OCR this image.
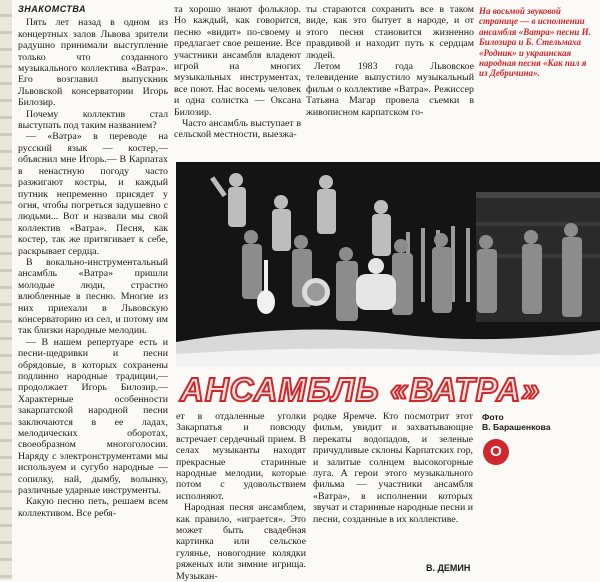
ЗНАКОМСТВА

Пять лет назад в одном из концертных залов Львова зрители радушно принимали выступление только что созданного музыкального коллектива «Ватра». Его возглавил выпускник Львовской консерватории Игорь Билозир.

Почему коллектив стал выступать под таким названием?

— «Ватра» в переводе на русский язык — костер,— объяснил мне Игорь.— В Карпатах в ненастную погоду часто разжигают костры, и каждый путник непременно присядет у огня, чтобы погреться задушевно с людьми... Вот и назвали мы свой коллектив «Ватра». Песня, как костер, так же притягивает к себе, раскрывает сердца.

В вокально-инструментальный ансамбль «Ватра» пришли молодые люди, страстно влюбленные в песню. Многие из них приехали в Львовскую консерваторию из сел, и потому им так близки народные мелодии.

— В нашем репертуаре есть и песни-щедривки и песни обрядовые, в которых сохранены подлинно народные традиции,— продолжает Игорь Билозир.— Характерные особенности закарпатской народной песни заключаются в ее ладах, мелодических оборотах, своеобразном многоголосии. Наряду с электронструментами мы используем и сугубо народные — сопилку, най, дымбу, волынку, различные ударные инструменты.

Какую песню петь, решаем всем коллективом. Все ребя-

та хорошо знают фольклор. Но каждый, как говорится, песню «видит» по-своему и предлагает свое решение. Все участники ансамбля владеют игрой на многих музыкальных инструментах, все поют. Нас восемь человек и одна солистка — Оксана Билозир.

Часто ансамбль выступает в сельской местности, выезжа-

ты стараются сохранить все в таком виде, как это бытует в народе, и от этого песня становится жизненно правдивой и находит путь к сердцам людей.

Летом 1983 года Львовское телевидение выпустило музыкальный фильм о коллективе «Ватра». Режиссер Татьяна Магар провела съемки в живописном карпатском го-

На восьмой звуковой странице — в исполнении ансамбля «Ватра» песни И. Билозира и Б. Стельмаха «Родник» и украинская народная песня «Как пил я из Дебричина».

АНСАМБЛЬ «ВАТРА»

Фото
В. Барашенкова

О

ет в отдаленные уголки Закарпатья и повсюду встречает сердечный прием. В селах музыканты находят прекрасные старинные народные мелодии, которые потом с удовольствием исполняют.

Народная песня ансамблем, как правило, «играется». Это может быть свадебная картинка или сельское гулянье, новогодние колядки ряженых или зимние игрища. Музыкан-

родке Яремче. Кто посмотрит этот фильм, увидит и захватывающие перекаты водопадов, и зеленые причудливые склоны Карпатских гор, и залитые солнцем высокогорные луга. А герои этого музыкального фильма — участники ансамбля «Ватра», в исполнении которых звучат и старинные народные песни и песни, созданные в их коллективе.

В. ДЕМИН
